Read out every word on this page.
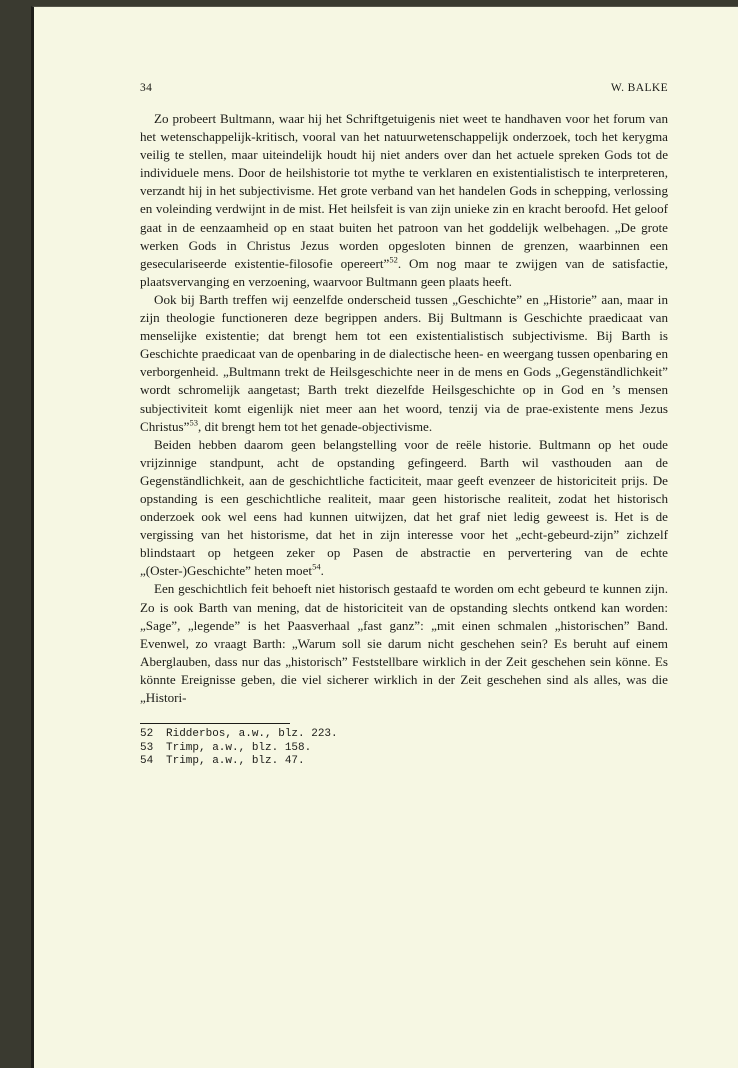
34	W. BALKE

Zo probeert Bultmann, waar hij het Schriftgetuigenis niet weet te handhaven voor het forum van het wetenschappelijk-kritisch, vooral van het natuurwetenschappelijk onderzoek, toch het kerygma veilig te stellen, maar uiteindelijk houdt hij niet anders over dan het actuele spreken Gods tot de individuele mens. Door de heilshistorie tot mythe te verklaren en existentialistisch te interpreteren, verzandt hij in het subjectivisme. Het grote verband van het handelen Gods in schepping, verlossing en voleinding verdwijnt in de mist. Het heilsfeit is van zijn unieke zin en kracht beroofd. Het geloof gaat in de eenzaamheid op en staat buiten het patroon van het goddelijk welbehagen. „De grote werken Gods in Christus Jezus worden opgesloten binnen de grenzen, waarbinnen een geseculariseerde existentie-filosofie opereert”$^{52}$. Om nog maar te zwijgen van de satisfactie, plaatsvervanging en verzoening, waarvoor Bultmann geen plaats heeft.

Ook bij Barth treffen wij eenzelfde onderscheid tussen „Geschichte” en „Historie” aan, maar in zijn theologie functioneren deze begrippen anders. Bij Bultmann is Geschichte praedicaat van menselijke existentie; dat brengt hem tot een existentialistisch subjectivisme. Bij Barth is Geschichte praedicaat van de openbaring in de dialectische heen- en weergang tussen openbaring en verborgenheid. „Bultmann trekt de Heilsgeschichte neer in de mens en Gods „Gegenständlichkeit” wordt schromelijk aangetast; Barth trekt diezelfde Heilsgeschichte op in God en ’s mensen subjectiviteit komt eigenlijk niet meer aan het woord, tenzij via de prae-existente mens Jezus Christus”$^{53}$, dit brengt hem tot het genade-objectivisme.

Beiden hebben daarom geen belangstelling voor de reële historie. Bultmann op het oude vrijzinnige standpunt, acht de opstanding gefingeerd. Barth wil vasthouden aan de Gegenständlichkeit, aan de geschichtliche facticiteit, maar geeft evenzeer de historiciteit prijs. De opstanding is een geschichtliche realiteit, maar geen historische realiteit, zodat het historisch onderzoek ook wel eens had kunnen uitwijzen, dat het graf niet ledig geweest is. Het is de vergissing van het historisme, dat het in zijn interesse voor het „echt-gebeurd-zijn” zichzelf blindstaart op hetgeen zeker op Pasen de abstractie en pervertering van de echte „(Oster-)Geschichte” heten moet$^{54}$.

Een geschichtlich feit behoeft niet historisch gestaafd te worden om echt gebeurd te kunnen zijn. Zo is ook Barth van mening, dat de historiciteit van de opstanding slechts ontkend kan worden: „Sage”, „legende” is het Paasverhaal „fast ganz”: „mit einen schmalen „historischen” Band. Evenwel, zo vraagt Barth: „Warum soll sie darum nicht geschehen sein? Es beruht auf einem Aberglauben, dass nur das „historisch” Feststellbare wirklich in der Zeit geschehen sein könne. Es könnte Ereignisse geben, die viel sicherer wirklich in der Zeit geschehen sind als alles, was die „Histori-

52 Ridderbos, a.w., blz. 223.
53 Trimp, a.w., blz. 158.
54 Trimp, a.w., blz. 47.
